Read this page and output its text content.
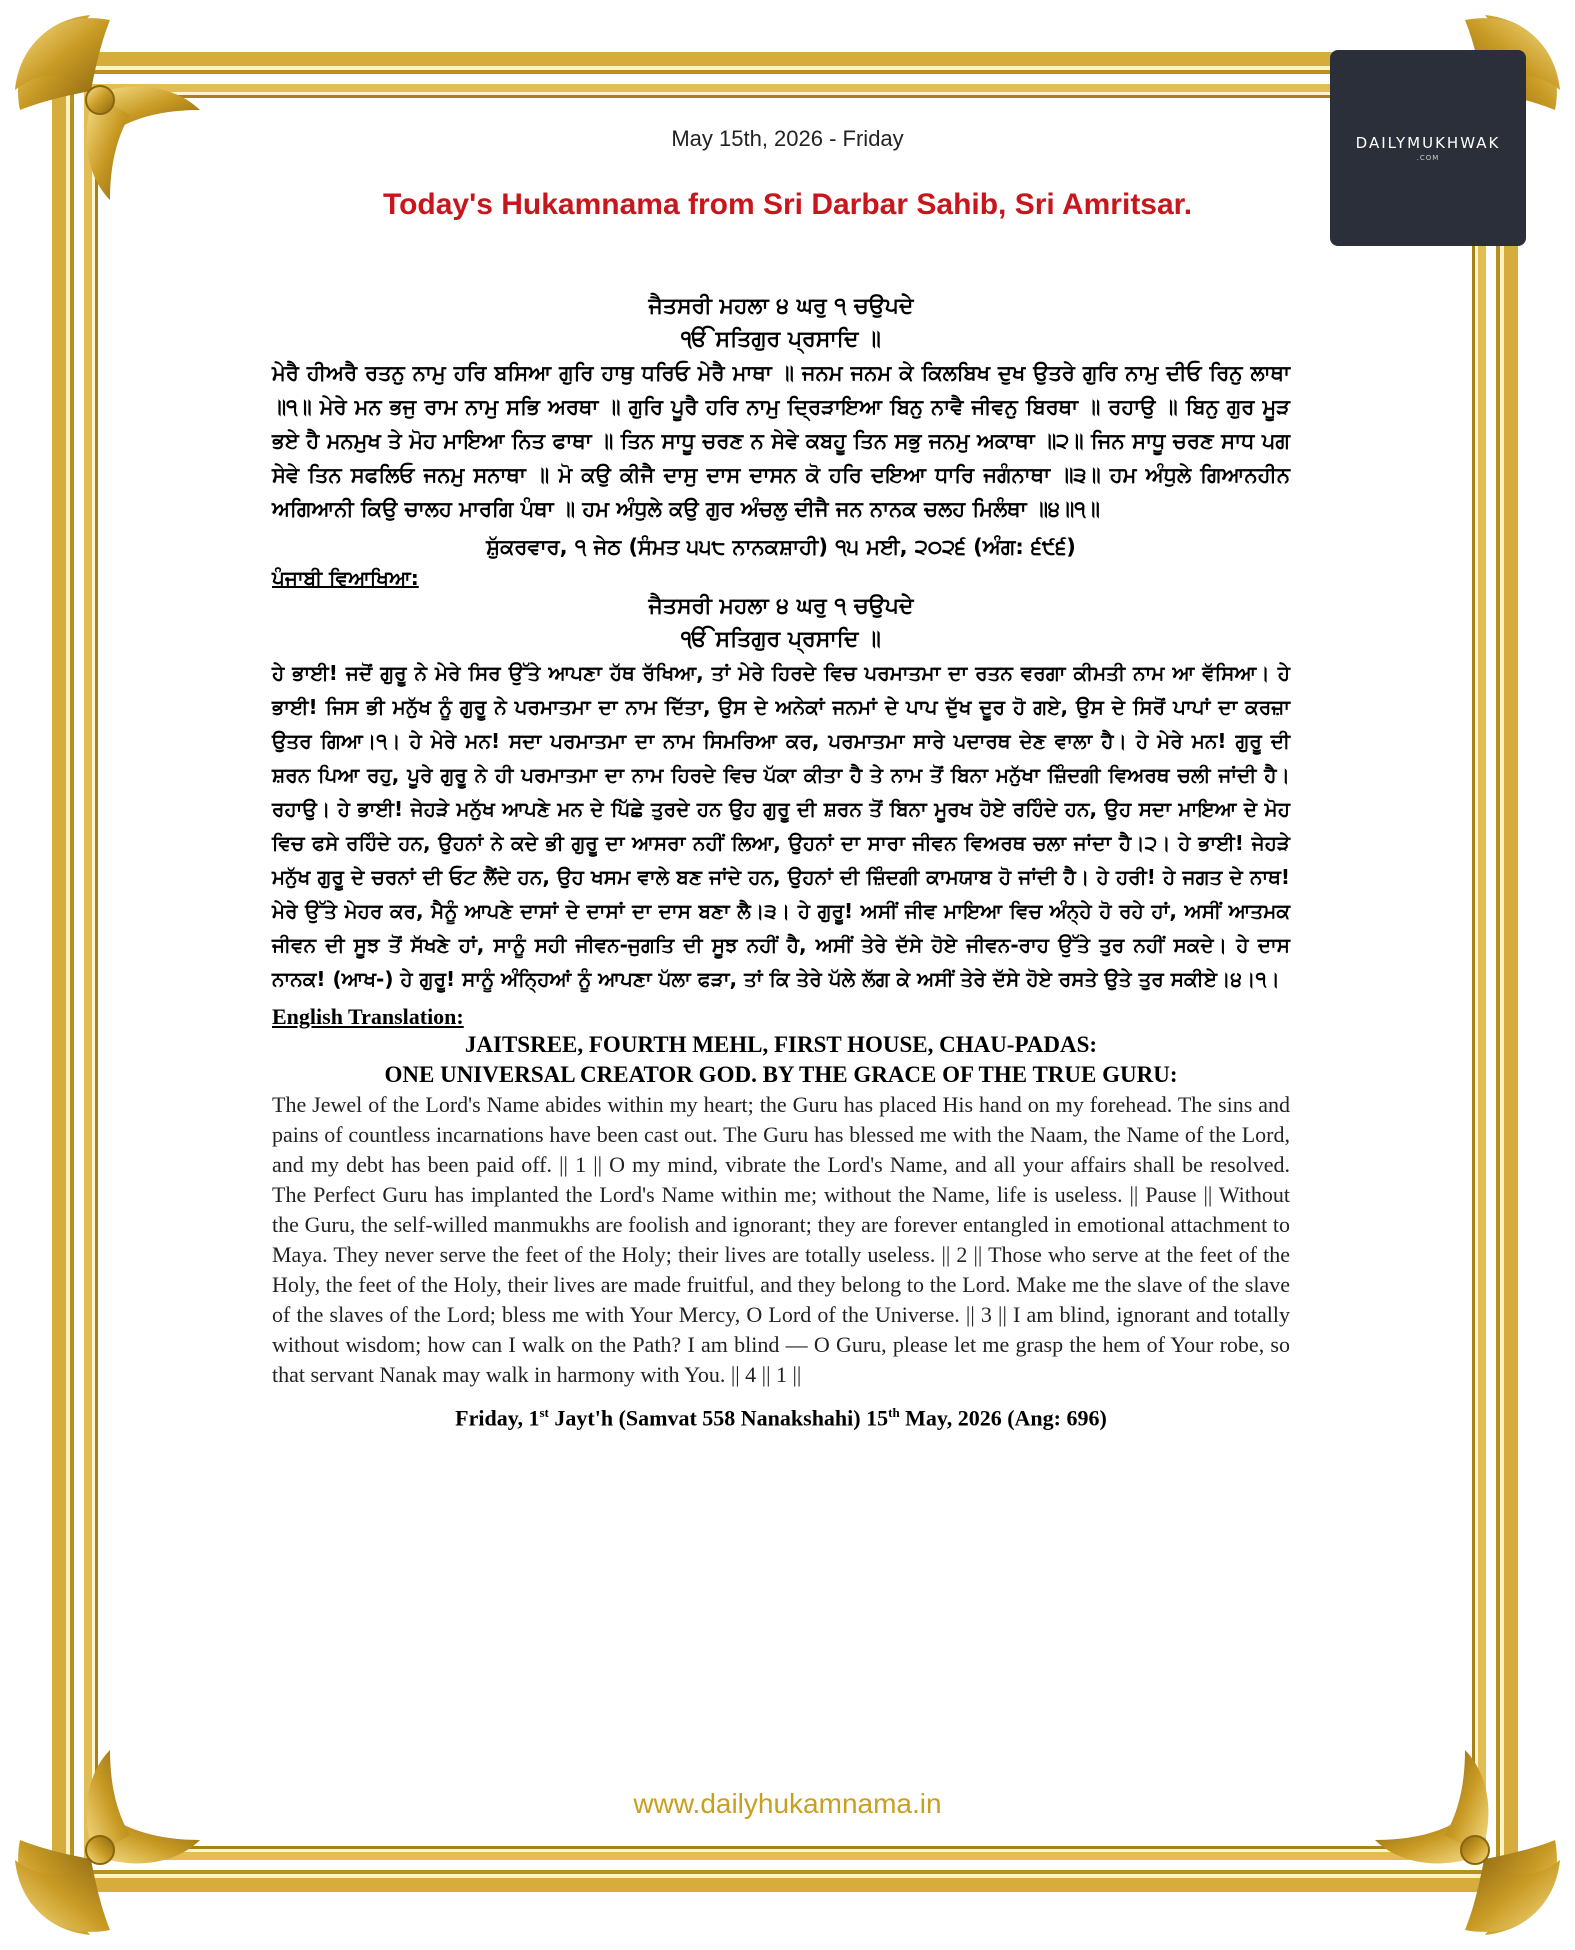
DAILYMUKHWAK
.COM
May 15th, 2026 - Friday
Today's Hukamnama from Sri Darbar Sahib, Sri Amritsar.
ਜੈਤਸਰੀ ਮਹਲਾ ੪ ਘਰੁ ੧ ਚਉਪਦੇ
ੴ ਸਤਿਗੁਰ ਪ੍ਰਸਾਦਿ ॥
ਮੇਰੈ ਹੀਅਰੈ ਰਤਨੁ ਨਾਮੁ ਹਰਿ ਬਸਿਆ ਗੁਰਿ ਹਾਥੁ ਧਰਿਓ ਮੇਰੈ ਮਾਥਾ ॥ ਜਨਮ ਜਨਮ ਕੇ ਕਿਲਬਿਖ ਦੁਖ ਉਤਰੇ ਗੁਰਿ ਨਾਮੁ ਦੀਓ ਰਿਨੁ ਲਾਥਾ ॥੧॥ ਮੇਰੇ ਮਨ ਭਜੁ ਰਾਮ ਨਾਮੁ ਸਭਿ ਅਰਥਾ ॥ ਗੁਰਿ ਪੂਰੈ ਹਰਿ ਨਾਮੁ ਦ੍ਰਿੜਾਇਆ ਬਿਨੁ ਨਾਵੈ ਜੀਵਨੁ ਬਿਰਥਾ ॥ ਰਹਾਉ ॥ ਬਿਨੁ ਗੁਰ ਮੂੜ ਭਏ ਹੈ ਮਨਮੁਖ ਤੇ ਮੋਹ ਮਾਇਆ ਨਿਤ ਫਾਥਾ ॥ ਤਿਨ ਸਾਧੂ ਚਰਣ ਨ ਸੇਵੇ ਕਬਹੂ ਤਿਨ ਸਭੁ ਜਨਮੁ ਅਕਾਥਾ ॥੨॥ ਜਿਨ ਸਾਧੂ ਚਰਣ ਸਾਧ ਪਗ ਸੇਵੇ ਤਿਨ ਸਫਲਿਓ ਜਨਮੁ ਸਨਾਥਾ ॥ ਮੋ ਕਉ ਕੀਜੈ ਦਾਸੁ ਦਾਸ ਦਾਸਨ ਕੋ ਹਰਿ ਦਇਆ ਧਾਰਿ ਜਗੰਨਾਥਾ ॥੩॥ ਹਮ ਅੰਧੁਲੇ ਗਿਆਨਹੀਨ ਅਗਿਆਨੀ ਕਿਉ ਚਾਲਹ ਮਾਰਗਿ ਪੰਥਾ ॥ ਹਮ ਅੰਧੁਲੇ ਕਉ ਗੁਰ ਅੰਚਲੁ ਦੀਜੈ ਜਨ ਨਾਨਕ ਚਲਹ ਮਿਲੰਥਾ ॥੪॥੧॥
ਸ਼ੁੱਕਰਵਾਰ, ੧ ਜੇਠ (ਸੰਮਤ ੫੫੮ ਨਾਨਕਸ਼ਾਹੀ) ੧੫ ਮਈ, ੨੦੨੬ (ਅੰਗ: ੬੯੬)
ਪੰਜਾਬੀ ਵਿਆਖਿਆ:
ਜੈਤਸਰੀ ਮਹਲਾ ੪ ਘਰੁ ੧ ਚਉਪਦੇ
ੴ ਸਤਿਗੁਰ ਪ੍ਰਸਾਦਿ ॥
ਹੇ ਭਾਈ! ਜਦੋਂ ਗੁਰੂ ਨੇ ਮੇਰੇ ਸਿਰ ਉੱਤੇ ਆਪਣਾ ਹੱਥ ਰੱਖਿਆ, ਤਾਂ ਮੇਰੇ ਹਿਰਦੇ ਵਿਚ ਪਰਮਾਤਮਾ ਦਾ ਰਤਨ ਵਰਗਾ ਕੀਮਤੀ ਨਾਮ ਆ ਵੱਸਿਆ। ਹੇ ਭਾਈ! ਜਿਸ ਭੀ ਮਨੁੱਖ ਨੂੰ ਗੁਰੂ ਨੇ ਪਰਮਾਤਮਾ ਦਾ ਨਾਮ ਦਿੱਤਾ, ਉਸ ਦੇ ਅਨੇਕਾਂ ਜਨਮਾਂ ਦੇ ਪਾਪ ਦੁੱਖ ਦੂਰ ਹੋ ਗਏ, ਉਸ ਦੇ ਸਿਰੋਂ ਪਾਪਾਂ ਦਾ ਕਰਜ਼ਾ ਉਤਰ ਗਿਆ।੧। ਹੇ ਮੇਰੇ ਮਨ! ਸਦਾ ਪਰਮਾਤਮਾ ਦਾ ਨਾਮ ਸਿਮਰਿਆ ਕਰ, ਪਰਮਾਤਮਾ ਸਾਰੇ ਪਦਾਰਥ ਦੇਣ ਵਾਲਾ ਹੈ। ਹੇ ਮੇਰੇ ਮਨ! ਗੁਰੂ ਦੀ ਸ਼ਰਨ ਪਿਆ ਰਹੁ, ਪੂਰੇ ਗੁਰੂ ਨੇ ਹੀ ਪਰਮਾਤਮਾ ਦਾ ਨਾਮ ਹਿਰਦੇ ਵਿਚ ਪੱਕਾ ਕੀਤਾ ਹੈ ਤੇ ਨਾਮ ਤੋਂ ਬਿਨਾ ਮਨੁੱਖਾ ਜ਼ਿੰਦਗੀ ਵਿਅਰਥ ਚਲੀ ਜਾਂਦੀ ਹੈ। ਰਹਾਉ। ਹੇ ਭਾਈ! ਜੇਹੜੇ ਮਨੁੱਖ ਆਪਣੇ ਮਨ ਦੇ ਪਿੱਛੇ ਤੁਰਦੇ ਹਨ ਉਹ ਗੁਰੂ ਦੀ ਸ਼ਰਨ ਤੋਂ ਬਿਨਾ ਮੂਰਖ ਹੋਏ ਰਹਿੰਦੇ ਹਨ, ਉਹ ਸਦਾ ਮਾਇਆ ਦੇ ਮੋਹ ਵਿਚ ਫਸੇ ਰਹਿੰਦੇ ਹਨ, ਉਹਨਾਂ ਨੇ ਕਦੇ ਭੀ ਗੁਰੂ ਦਾ ਆਸਰਾ ਨਹੀਂ ਲਿਆ, ਉਹਨਾਂ ਦਾ ਸਾਰਾ ਜੀਵਨ ਵਿਅਰਥ ਚਲਾ ਜਾਂਦਾ ਹੈ।੨। ਹੇ ਭਾਈ! ਜੇਹੜੇ ਮਨੁੱਖ ਗੁਰੂ ਦੇ ਚਰਨਾਂ ਦੀ ਓਟ ਲੈਂਦੇ ਹਨ, ਉਹ ਖਸਮ ਵਾਲੇ ਬਣ ਜਾਂਦੇ ਹਨ, ਉਹਨਾਂ ਦੀ ਜ਼ਿੰਦਗੀ ਕਾਮਯਾਬ ਹੋ ਜਾਂਦੀ ਹੈ। ਹੇ ਹਰੀ! ਹੇ ਜਗਤ ਦੇ ਨਾਥ! ਮੇਰੇ ਉੱਤੇ ਮੇਹਰ ਕਰ, ਮੈਨੂੰ ਆਪਣੇ ਦਾਸਾਂ ਦੇ ਦਾਸਾਂ ਦਾ ਦਾਸ ਬਣਾ ਲੈ।੩। ਹੇ ਗੁਰੂ! ਅਸੀਂ ਜੀਵ ਮਾਇਆ ਵਿਚ ਅੰਨ੍ਹੇ ਹੋ ਰਹੇ ਹਾਂ, ਅਸੀਂ ਆਤਮਕ ਜੀਵਨ ਦੀ ਸੂਝ ਤੋਂ ਸੱਖਣੇ ਹਾਂ, ਸਾਨੂੰ ਸਹੀ ਜੀਵਨ-ਜੁਗਤਿ ਦੀ ਸੂਝ ਨਹੀਂ ਹੈ, ਅਸੀਂ ਤੇਰੇ ਦੱਸੇ ਹੋਏ ਜੀਵਨ-ਰਾਹ ਉੱਤੇ ਤੁਰ ਨਹੀਂ ਸਕਦੇ। ਹੇ ਦਾਸ ਨਾਨਕ! (ਆਖ-) ਹੇ ਗੁਰੂ! ਸਾਨੂੰ ਅੰਨ੍ਹਿਆਂ ਨੂੰ ਆਪਣਾ ਪੱਲਾ ਫੜਾ, ਤਾਂ ਕਿ ਤੇਰੇ ਪੱਲੇ ਲੱਗ ਕੇ ਅਸੀਂ ਤੇਰੇ ਦੱਸੇ ਹੋਏ ਰਸਤੇ ਉਤੇ ਤੁਰ ਸਕੀਏ।੪।੧।
English Translation:
JAITSREE, FOURTH MEHL, FIRST HOUSE, CHAU-PADAS:
ONE UNIVERSAL CREATOR GOD. BY THE GRACE OF THE TRUE GURU:
The Jewel of the Lord's Name abides within my heart; the Guru has placed His hand on my forehead. The sins and pains of countless incarnations have been cast out. The Guru has blessed me with the Naam, the Name of the Lord, and my debt has been paid off. || 1 || O my mind, vibrate the Lord's Name, and all your affairs shall be resolved. The Perfect Guru has implanted the Lord's Name within me; without the Name, life is useless. || Pause || Without the Guru, the self-willed manmukhs are foolish and ignorant; they are forever entangled in emotional attachment to Maya. They never serve the feet of the Holy; their lives are totally useless. || 2 || Those who serve at the feet of the Holy, the feet of the Holy, their lives are made fruitful, and they belong to the Lord. Make me the slave of the slave of the slaves of the Lord; bless me with Your Mercy, O Lord of the Universe. || 3 || I am blind, ignorant and totally without wisdom; how can I walk on the Path? I am blind — O Guru, please let me grasp the hem of Your robe, so that servant Nanak may walk in harmony with You. || 4 || 1 ||
Friday, 1st Jayt'h (Samvat 558 Nanakshahi) 15th May, 2026 (Ang: 696)
www.dailyhukamnama.in
